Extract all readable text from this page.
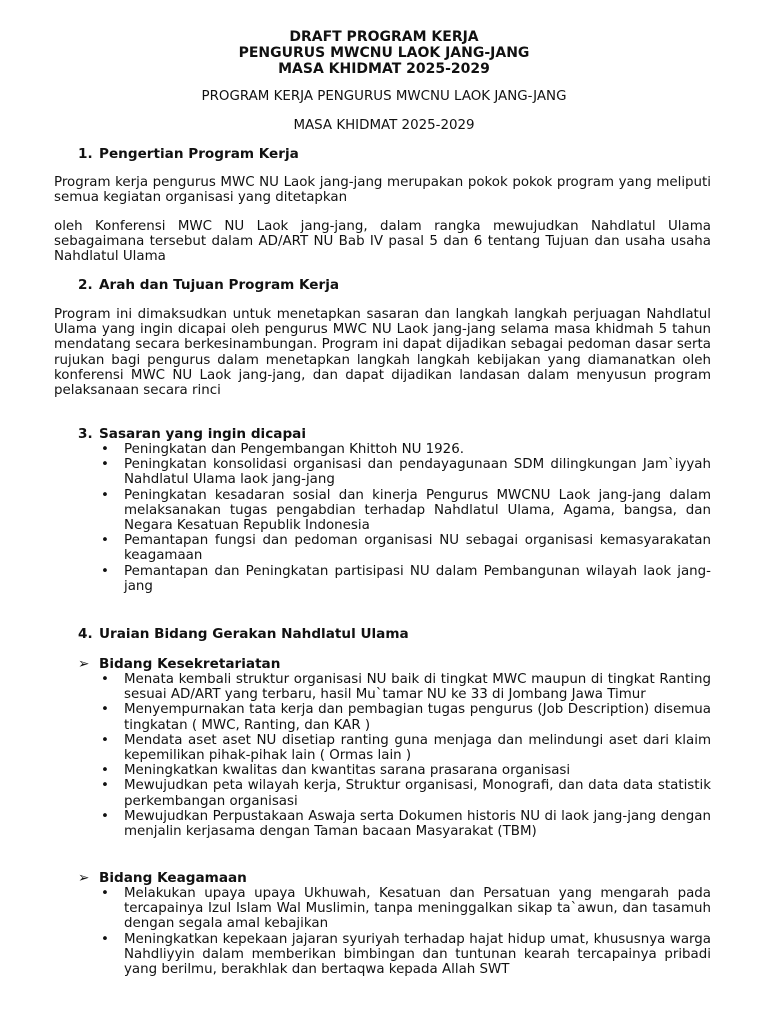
DRAFT PROGRAM KERJA
PENGURUS MWCNU LAOK JANG-JANG
MASA KHIDMAT 2025-2029
PROGRAM KERJA PENGURUS MWCNU LAOK JANG-JANG
MASA KHIDMAT 2025-2029
1. Pengertian Program Kerja
Program kerja pengurus MWC NU Laok jang-jang merupakan pokok pokok program yang meliputi semua kegiatan organisasi yang ditetapkan
oleh Konferensi MWC NU Laok jang-jang, dalam rangka mewujudkan Nahdlatul Ulama sebagaimana tersebut dalam AD/ART NU Bab IV pasal 5 dan 6 tentang Tujuan dan usaha usaha Nahdlatul Ulama
2. Arah dan Tujuan Program Kerja
Program ini dimaksudkan untuk menetapkan sasaran dan langkah langkah perjuagan Nahdlatul Ulama yang ingin dicapai oleh pengurus MWC NU Laok jang-jang selama masa khidmah 5 tahun mendatang secara berkesinambungan. Program ini dapat dijadikan sebagai pedoman dasar serta rujukan bagi pengurus dalam menetapkan langkah langkah kebijakan yang diamanatkan oleh konferensi MWC NU Laok jang-jang, dan dapat dijadikan landasan dalam menyusun program pelaksanaan secara rinci
3. Sasaran yang ingin dicapai
•	Peningkatan dan Pengembangan Khittoh NU 1926.
•	Peningkatan konsolidasi organisasi dan pendayagunaan SDM dilingkungan Jam`iyyah Nahdlatul Ulama laok jang-jang
•	Peningkatan kesadaran sosial dan kinerja Pengurus MWCNU Laok jang-jang dalam melaksanakan tugas pengabdian terhadap Nahdlatul Ulama, Agama, bangsa, dan Negara Kesatuan Republik Indonesia
•	Pemantapan fungsi dan pedoman organisasi NU sebagai organisasi kemasyarakatan keagamaan
•	Pemantapan dan Peningkatan partisipasi NU dalam Pembangunan wilayah laok jang-jang
4. Uraian Bidang Gerakan Nahdlatul Ulama
➢ Bidang Kesekretariatan
•	Menata kembali struktur organisasi NU baik di tingkat MWC maupun di tingkat Ranting sesuai AD/ART yang terbaru, hasil Mu`tamar NU ke 33 di Jombang Jawa Timur
•	Menyempurnakan tata kerja dan pembagian tugas pengurus (Job Description) disemua tingkatan ( MWC, Ranting, dan KAR )
•	Mendata aset aset NU disetiap ranting guna menjaga dan melindungi aset dari klaim kepemilikan pihak-pihak lain ( Ormas lain )
•	Meningkatkan kwalitas dan kwantitas sarana prasarana organisasi
•	Mewujudkan peta wilayah kerja, Struktur organisasi, Monografi, dan data data statistik perkembangan organisasi
•	Mewujudkan Perpustakaan Aswaja serta Dokumen historis NU di laok jang-jang dengan menjalin kerjasama dengan Taman bacaan Masyarakat (TBM)
➢ Bidang Keagamaan
•	Melakukan upaya upaya Ukhuwah, Kesatuan dan Persatuan yang mengarah pada tercapainya Izul Islam Wal Muslimin, tanpa meninggalkan sikap ta`awun, dan tasamuh dengan segala amal kebajikan
•	Meningkatkan kepekaan jajaran syuriyah terhadap hajat hidup umat, khususnya warga Nahdliyyin dalam memberikan bimbingan dan tuntunan kearah tercapainya pribadi yang berilmu, berakhlak dan bertaqwa kepada Allah SWT
